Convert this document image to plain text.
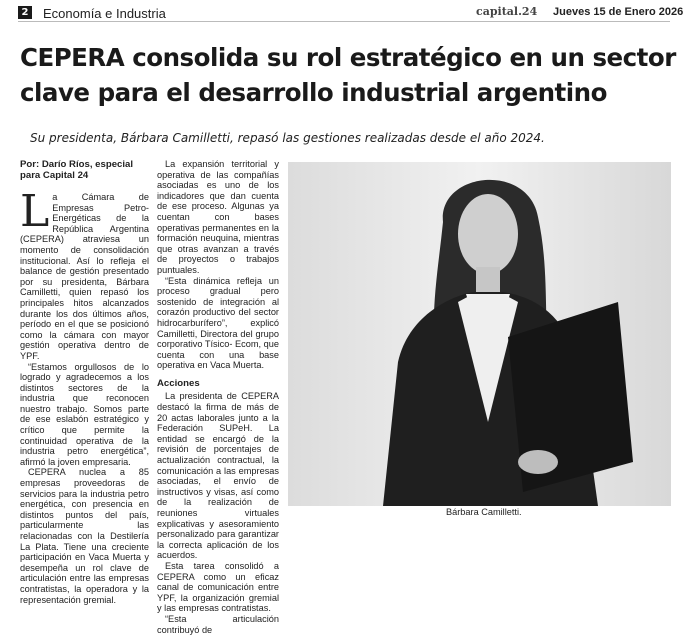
2 Economía e Industria	capital.24 Jueves 15 de Enero 2026
CEPERA consolida su rol estratégico en un sector clave para el desarrollo industrial argentino
Su presidenta, Bárbara Camilletti, repasó las gestiones realizadas desde el año 2024.
Por: Darío Ríos, especial para Capital 24

La Cámara de Empresas Petro-Energéticas de la República Argentina (CEPERA) atraviesa un momento de consolidación institucional. Así lo refleja el balance de gestión presentado por su presidenta, Bárbara Camilletti, quien repasó los principales hitos alcanzados durante los dos últimos años, período en el que se posicionó como la cámara con mayor gestión operativa dentro de YPF.

“Estamos orgullosos de lo logrado y agradecemos a los distintos sectores de la industria que reconocen nuestro trabajo. Somos parte de ese eslabón estratégico y crítico que permite la continuidad operativa de la industria petro energética”, afirmó la joven empresaria.

CEPERA nuclea a 85 empresas proveedoras de servicios para la industria petro energética, con presencia en distintos puntos del país, particularmente las relacionadas con la Destilería La Plata. Tiene una creciente participación en Vaca Muerta y desempeña un rol clave de articulación entre las empresas contratistas, la operadora y la representación gremial.

La expansión territorial y operativa de las compañías asociadas es uno de los indicadores que dan cuenta de ese proceso. Algunas ya cuentan con bases operativas permanentes en la formación neuquina, mientras que otras avanzan a través de proyectos o trabajos puntuales.

“Esta dinámica refleja un proceso gradual pero sostenido de integración al corazón productivo del sector hidrocarburífero”, explicó Camilletti, Directora del grupo corporativo Tísico- Ecom, que cuenta con una base operativa en Vaca Muerta.

Acciones

La presidenta de CEPERA destacó la firma de más de 20 actas laborales junto a la Federación SUPeH. La entidad se encargó de la revisión de porcentajes de actualización contractual, la comunicación a las empresas asociadas, el envío de instructivos y visas, así como de la realización de reuniones virtuales explicativas y asesoramiento personalizado para garantizar la correcta aplicación de los acuerdos.

Esta tarea consolidó a CEPERA como un eficaz canal de comunicación entre YPF, la organización gremial y las empresas contratistas.

“Esta articulación contribuyó de

Bárbara Camilletti.
